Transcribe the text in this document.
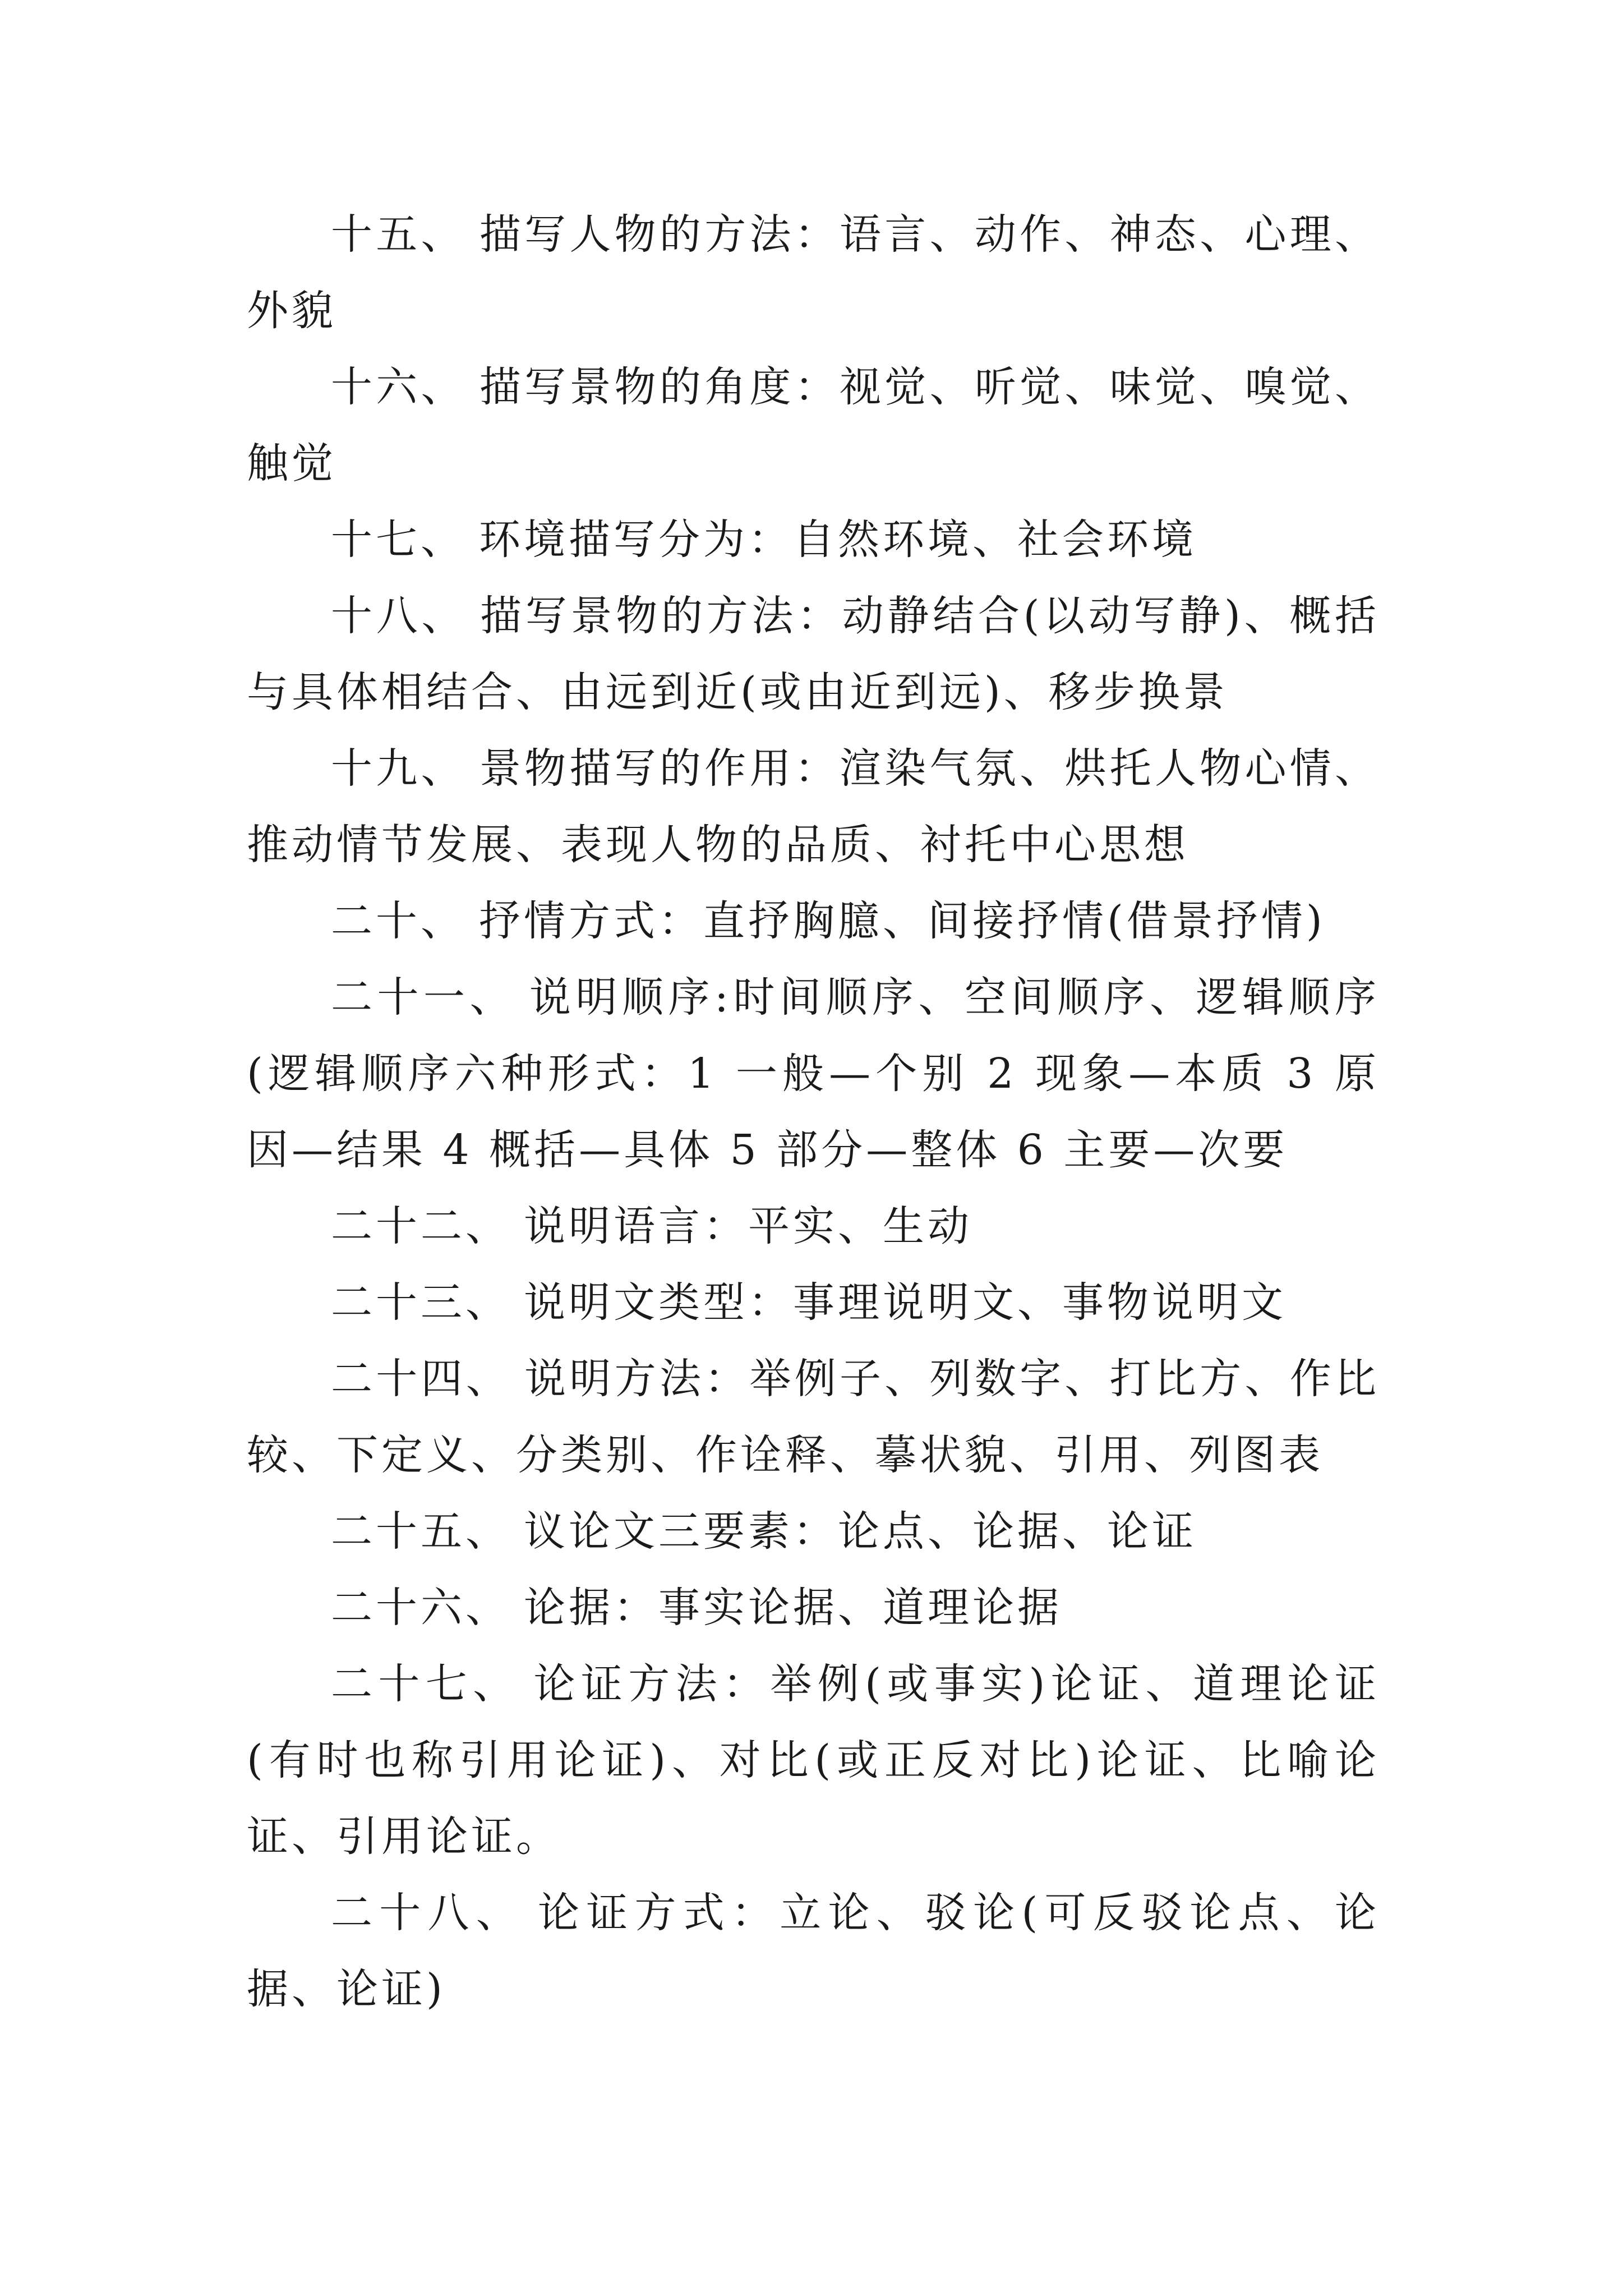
十五、 描写人物的方法：语言、动作、神态、心理、外貌

十六、 描写景物的角度：视觉、听觉、味觉、嗅觉、触觉

十七、 环境描写分为：自然环境、社会环境

十八、 描写景物的方法：动静结合(以动写静)、概括与具体相结合、由远到近(或由近到远)、移步换景

十九、 景物描写的作用：渲染气氛、烘托人物心情、推动情节发展、表现人物的品质、衬托中心思想

二十、 抒情方式：直抒胸臆、间接抒情(借景抒情)

二十一、 说明顺序:时间顺序、空间顺序、逻辑顺序(逻辑顺序六种形式：1 一般—个别 2 现象—本质 3 原因—结果 4 概括—具体 5 部分—整体 6 主要—次要

二十二、 说明语言：平实、生动

二十三、 说明文类型：事理说明文、事物说明文

二十四、 说明方法：举例子、列数字、打比方、作比较、下定义、分类别、作诠释、摹状貌、引用、列图表

二十五、 议论文三要素：论点、论据、论证

二十六、 论据：事实论据、道理论据

二十七、 论证方法：举例(或事实)论证、道理论证(有时也称引用论证)、对比(或正反对比)论证、比喻论证、引用论证。

二十八、 论证方式：立论、驳论(可反驳论点、论据、论证)
